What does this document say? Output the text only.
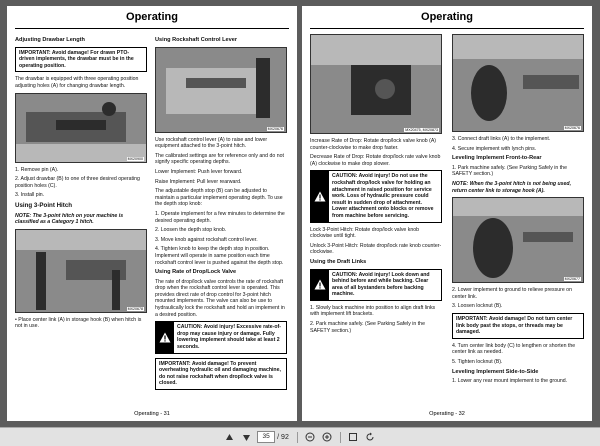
Operating
Adjusting Drawbar Length
IMPORTANT: Avoid damage! For drawn PTO-driven implements, the drawbar must be in the operating position.

The drawbar is equipped with three operating position adjusting holes (A) for changing drawbar length.

MX20900

1. Remove pin (A).

2. Adjust drawbar (B) to one of three desired operating position holes (C).

3. Install pin.

Using 3-Point Hitch
NOTE: The 3-point hitch on your machine is classified as a Category 1 hitch.
MX20678

• Place center link (A) in storage hook (B) when hitch is not in use.

Using Rockshaft Control Lever
MX20676

Use rockshaft control lever (A) to raise and lower equipment attached to the 3-point hitch.

The calibrated settings are for reference only and do not signify specific operating depths.

Lower Implement: Push lever forward.

Raise Implement: Pull lever rearward.

The adjustable depth stop (B) can be adjusted to maintain a particular implement operating depth. To use the depth stop knob:

1. Operate implement for a few minutes to determine the desired operating depth.

2. Loosen the depth stop knob.

3. Move knob against rockshaft control lever.

4. Tighten knob to keep the depth stop in position. Implement will operate in same position each time rockshaft control lever is pushed against the depth stop.

Using Rate of Drop/Lock Valve

The rate of drop/lock valve controls the rate of rockshaft drop when the rockshaft control lever is operated. This provides direct rate of drop control for 3-point hitch mounted implements. The valve can also be use to hydraulically lock the rockshaft and hold an implement in a desired position.

CAUTION: Avoid injury! Excessive rate-of-drop may cause injury or damage. Fully lowering implement should take at least 2 seconds.
IMPORTANT: Avoid damage! To prevent overheating hydraulic oil and damaging machine, do not raise rockshaft when drop/lock valve is closed.
Operating - 31
Operating
MX20475, MX20873

Increase Rate of Drop: Rotate drop/lock valve knob (A) counter-clockwise to make drop faster.

Decrease Rate of Drop: Rotate drop/lock rate valve knob (A) clockwise to make drop slower.

CAUTION: Avoid injury! Do not use the rockshaft drop/lock valve for holding an attachment in raised position for service work. Loss of hydraulic pressure could result in sudden drop of attachment. Lower attachment onto blocks or remove from machine before servicing.

Lock 3-Point Hitch: Rotate drop/lock valve knob clockwise until tight.

Unlock 3-Point Hitch: Rotate drop/lock rate knob counter-clockwise.

Using the Draft Links
CAUTION: Avoid injury! Look down and behind before and while backing. Clear area of all bystanders before backing machine.

1. Slowly back machine into position to align draft links with implement lift brackets.

2. Park machine safely. (See Parking Safely in the SAFETY section.)

MX20676

3. Connect draft links (A) to the implement.

4. Secure implement with lynch pins.

Leveling Implement Front-to-Rear

1. Park machine safely. (See Parking Safely in the SAFETY section.)

NOTE: When the 3-point hitch is not being used, return center link to storage hook (A).
MX20677

2. Lower implement to ground to relieve pressure on center link.

3. Loosen locknut (B).

IMPORTANT: Avoid damage! Do not turn center link body past the stops, or threads may be damaged.

4. Turn center link body (C) to lengthen or shorten the center link as needed.

5. Tighten locknut (B).

Leveling Implement Side-to-Side

1. Lower any rear mount implement to the ground.

Operating - 32
35	/ 92
